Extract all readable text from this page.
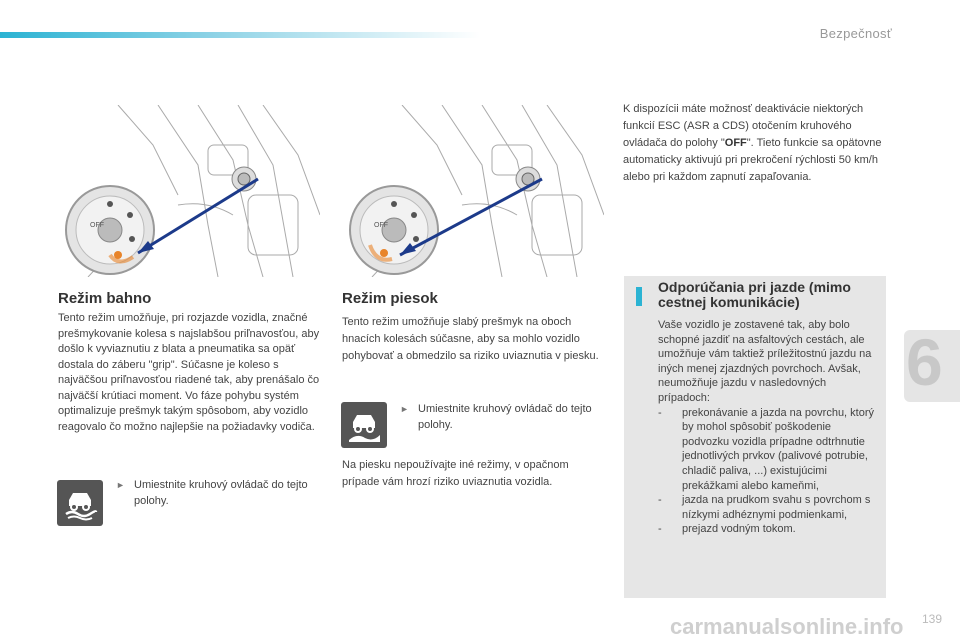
Bezpečnosť
6
OFF	OFF
Režim bahno

Tento režim umožňuje, pri rozjazde vozidla, značné prešmykovanie kolesa s najslabšou priľnavosťou, aby došlo k vyviaznutiu z blata a pneumatika sa opäť dostala do záberu "grip". Súčasne je koleso s najväčšou priľnavosťou riadené tak, aby prenášalo čo najväčší krútiaci moment. Vo fáze pohybu systém optimalizuje prešmyk takým spôsobom, aby vozidlo reagovalo čo možno najlepšie na požiadavky vodiča.

► Umiestnite kruhový ovládač do tejto polohy.
Režim piesok

Tento režim umožňuje slabý prešmyk na oboch hnacích kolesách súčasne, aby sa mohlo vozidlo pohybovať a obmedzilo sa riziko uviaznutia v piesku.

► Umiestnite kruhový ovládač do tejto polohy.

Na piesku nepoužívajte iné režimy, v opačnom prípade vám hrozí riziko uviaznutia vozidla.

K dispozícii máte možnosť deaktivácie niektorých funkcií ESC (ASR a CDS) otočením kruhového ovládača do polohy "OFF". Tieto funkcie sa opätovne automaticky aktivujú pri prekročení rýchlosti 50 km/h alebo pri každom zapnutí zapaľovania.

Odporúčania pri jazde (mimo cestnej komunikácie)
Vaše vozidlo je zostavené tak, aby bolo schopné jazdiť na asfaltových cestách, ale umožňuje vám taktiež príležitostnú jazdu na iných menej zjazdných povrchoch. Avšak, neumožňuje jazdu v nasledovných prípadoch:
- prekonávanie a jazda na povrchu, ktorý by mohol spôsobiť poškodenie podvozku vozidla prípadne odtrhnutie jednotlivých prvkov (palivové potrubie, chladič paliva, ...) existujúcimi prekážkami alebo kameňmi,
- jazda na prudkom svahu s povrchom s nízkymi adhéznymi podmienkami,
- prejazd vodným tokom.
139
carmanualsonline.info
